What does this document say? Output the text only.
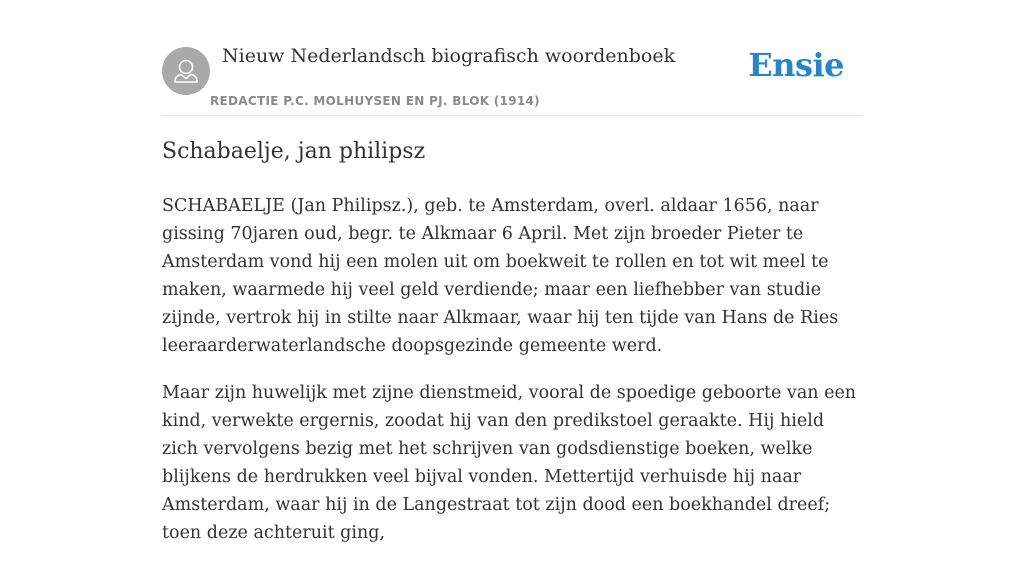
Nieuw Nederlandsch biografisch woordenboek
REDACTIE P.C. MOLHUYSEN EN PJ. BLOK (1914)
Ensie
Schabaelje, jan philipsz

SCHABAELJE (Jan Philipsz.), geb. te Amsterdam, overl. aldaar 1656, naar gissing 70jaren oud, begr. te Alkmaar 6 April. Met zijn broeder Pieter te Amsterdam vond hij een molen uit om boekweit te rollen en tot wit meel te maken, waarmede hij veel geld verdiende; maar een liefhebber van studie zijnde, vertrok hij in stilte naar Alkmaar, waar hij ten tijde van Hans de Ries leeraarderwaterlandsche doopsgezinde gemeente werd.

Maar zijn huwelijk met zijne dienstmeid, vooral de spoedige geboorte van een kind, verwekte ergernis, zoodat hij van den predikstoel geraakte. Hij hield zich vervolgens bezig met het schrijven van godsdienstige boeken, welke blijkens de herdrukken veel bijval vonden. Mettertijd verhuisde hij naar Amsterdam, waar hij in de Langestraat tot zijn dood een boekhandel dreef; toen deze achteruit ging,
